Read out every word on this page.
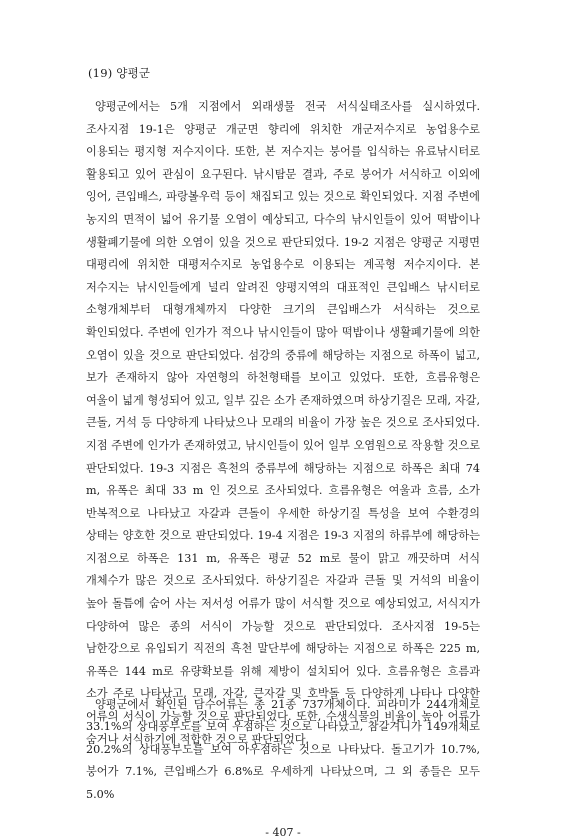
(19) 양평군

양평군에서는 5개 지점에서 외래생물 전국 서식실태조사를 실시하였다. 조사지점 19-1은 양평군 개군면 향리에 위치한 개군저수지로 농업용수로 이용되는 평지형 저수지이다. 또한, 본 저수지는 붕어를 입식하는 유료낚시터로 활용되고 있어 관심이 요구된다. 낚시탐문 결과, 주로 붕어가 서식하고 이외에 잉어, 큰입배스, 파랑볼우럭 등이 채집되고 있는 것으로 확인되었다. 지점 주변에 농지의 면적이 넓어 유기물 오염이 예상되고, 다수의 낚시인들이 있어 떡밥이나 생활폐기물에 의한 오염이 있을 것으로 판단되었다. 19-2 지점은 양평군 지평면 대평리에 위치한 대평저수지로 농업용수로 이용되는 계곡형 저수지이다. 본 저수지는 낚시인들에게 널리 알려진 양평지역의 대표적인 큰입배스 낚시터로 소형개체부터 대형개체까지 다양한 크기의 큰입배스가 서식하는 것으로 확인되었다. 주변에 인가가 적으나 낚시인들이 많아 떡밥이나 생활폐기물에 의한 오염이 있을 것으로 판단되었다. 섬강의 중류에 해당하는 지점으로 하폭이 넓고, 보가 존재하지 않아 자연형의 하천형태를 보이고 있었다. 또한, 흐름유형은 여울이 넓게 형성되어 있고, 일부 깊은 소가 존재하였으며 하상기질은 모래, 자갈, 큰돌, 거석 등 다양하게 나타났으나 모래의 비율이 가장 높은 것으로 조사되었다. 지점 주변에 인가가 존재하였고, 낚시인들이 있어 일부 오염원으로 작용할 것으로 판단되었다. 19-3 지점은 흑천의 중류부에 해당하는 지점으로 하폭은 최대 74 m, 유폭은 최대 33 m 인 것으로 조사되었다. 흐름유형은 여울과 흐름, 소가 반복적으로 나타났고 자갈과 큰돌이 우세한 하상기질 특성을 보여 수환경의 상태는 양호한 것으로 판단되었다. 19-4 지점은 19-3 지점의 하류부에 해당하는 지점으로 하폭은 131 m, 유폭은 평균 52 m로 물이 맑고 깨끗하며 서식 개체수가 많은 것으로 조사되었다. 하상기질은 자갈과 큰돌 및 거석의 비율이 높아 돌틈에 숨어 사는 저서성 어류가 많이 서식할 것으로 예상되었고, 서식지가 다양하여 많은 종의 서식이 가능할 것으로 판단되었다. 조사지점 19-5는 남한강으로 유입되기 직전의 흑천 말단부에 해당하는 지점으로 하폭은 225 m, 유폭은 144 m로 유량확보를 위해 제방이 설치되어 있다. 흐름유형은 흐름과 소가 주로 나타났고, 모래, 자갈, 큰자갈 및 호박돌 등 다양하게 나타나 다양한 어류의 서식이 가능할 것으로 판단되었다. 또한, 수생식물의 비율이 높아 어류가 숨거나 서식하기에 적합한 것으로 판단되었다.

양평군에서 확인된 담수어류는 총 21종 737개체이다. 피라미가 244개체로 33.1%의 상대풍부도를 보여 우점하는 것으로 나타났고, 참갈겨니가 149개체로 20.2%의 상대풍부도를 보여 아우점하는 것으로 나타났다. 돌고기가 10.7%, 붕어가 7.1%, 큰입배스가 6.8%로 우세하게 나타났으며, 그 외 종들은 모두 5.0%

- 407 -
